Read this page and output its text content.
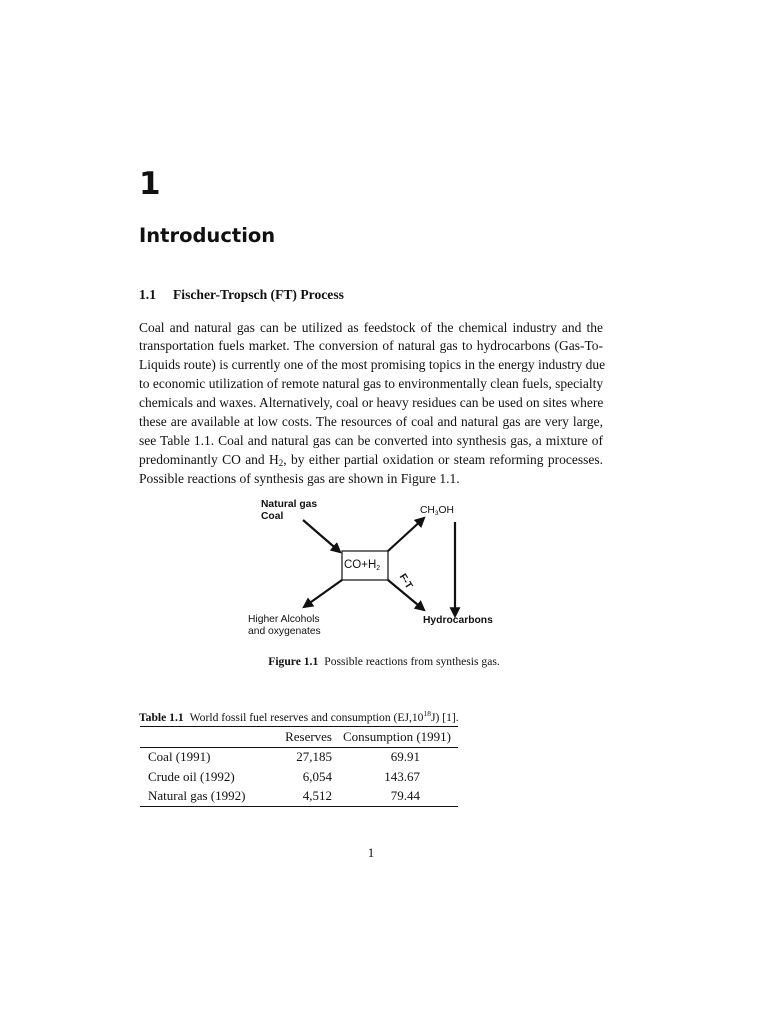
1
Introduction
1.1 Fischer-Tropsch (FT) Process
Coal and natural gas can be utilized as feedstock of the chemical industry and the
transportation fuels market. The conversion of natural gas to hydrocarbons (Gas-To-
Liquids route) is currently one of the most promising topics in the energy industry due
to economic utilization of remote natural gas to environmentally clean fuels, specialty
chemicals and waxes. Alternatively, coal or heavy residues can be used on sites where
these are available at low costs. The resources of coal and natural gas are very large,
see Table 1.1. Coal and natural gas can be converted into synthesis gas, a mixture of
predominantly CO and $H_2$, by either partial oxidation or steam reforming processes.
Possible reactions of synthesis gas are shown in Figure 1.1.
Natural gas
Coal
$CH_3OH$
$CO+H_2$
F-T
Higher Alcohols
and oxygenates
Hydrocarbons
Figure 1.1 Possible reactions from synthesis gas.
Table 1.1 World fossil fuel reserves and consumption $(EJ,10^{18}J)$ [1].
	Reserves	Consumption (1991)
Coal (1991)	27,185	69.91
Crude oil (1992)	6,054	143.67
Natural gas (1992)	4,512	79.44
1
